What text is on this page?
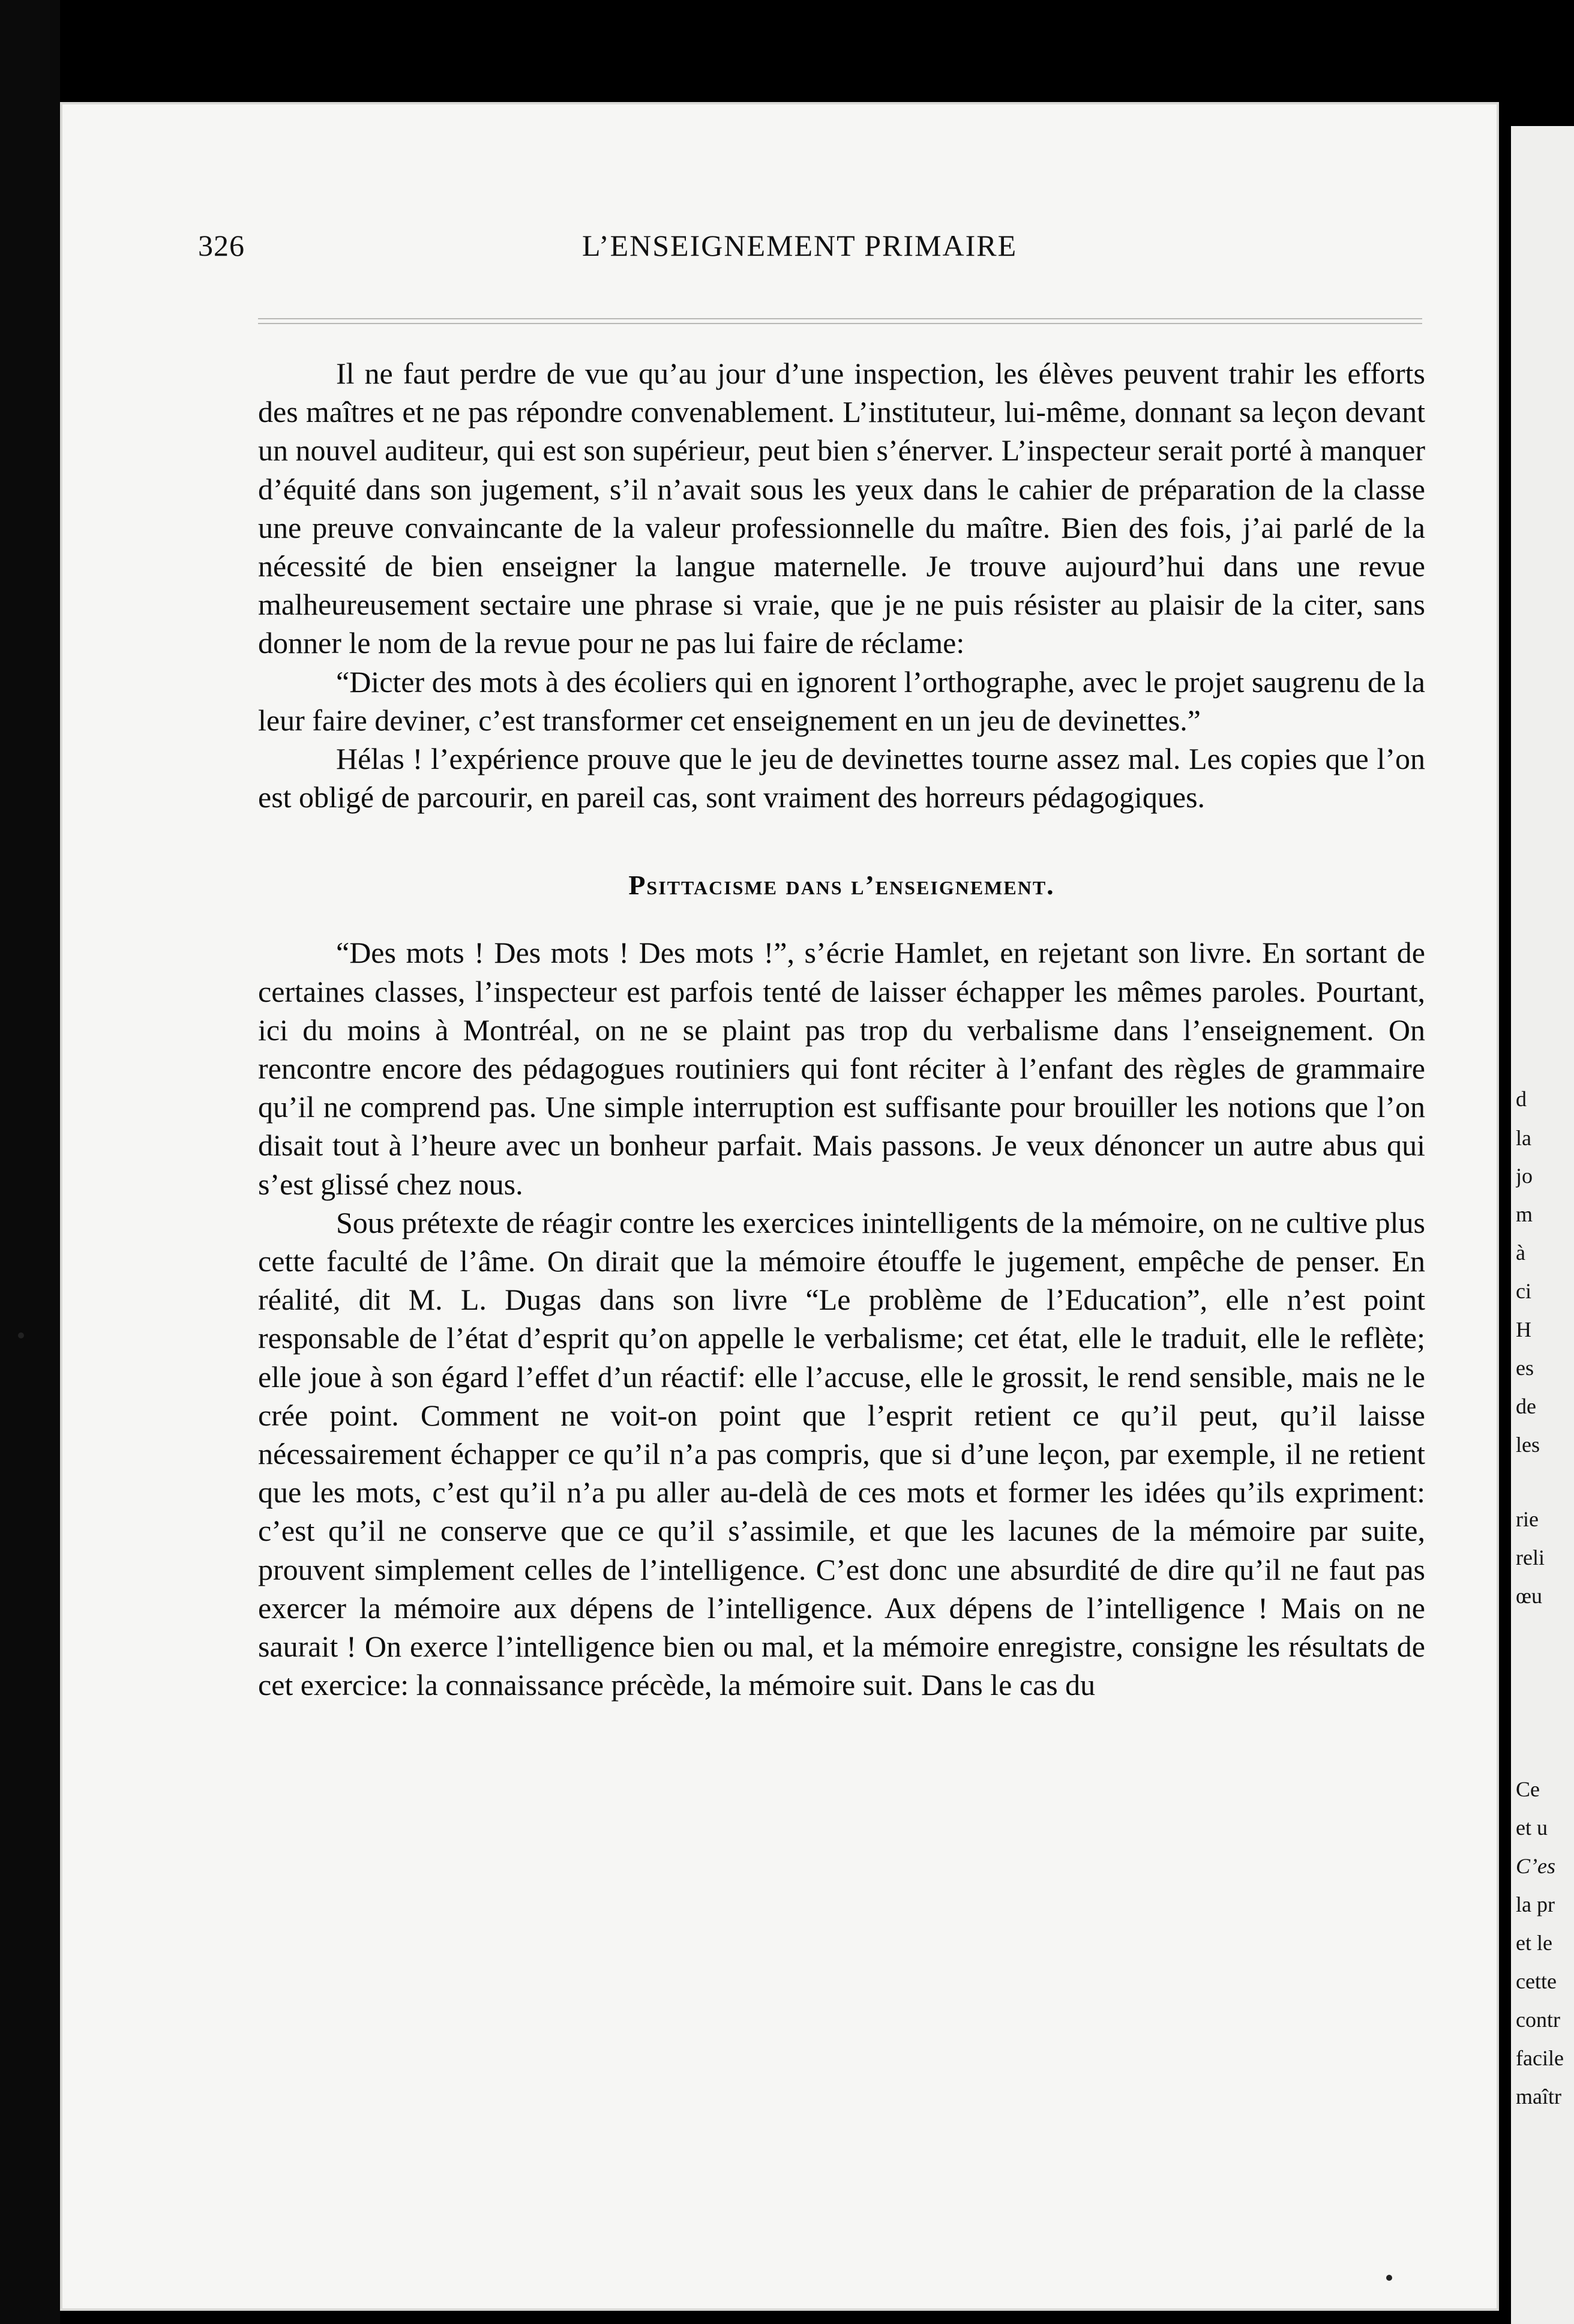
d
la
jo
m
à
ci
H
es
de
les
rie
reli
œu
Ce
et u
C’es
la pr
et le
cette
contr
facile
maîtr
326	L’ENSEIGNEMENT PRIMAIRE

Il ne faut perdre de vue qu’au jour d’une inspection, les élèves peuvent trahir les efforts des maîtres et ne pas répondre convenablement. L’instituteur, lui-même, donnant sa leçon devant un nouvel auditeur, qui est son supérieur, peut bien s’énerver. L’inspecteur serait porté à manquer d’équité dans son jugement, s’il n’avait sous les yeux dans le cahier de préparation de la classe une preuve convaincante de la valeur professionnelle du maître. Bien des fois, j’ai parlé de la nécessité de bien enseigner la langue maternelle. Je trouve aujourd’hui dans une revue malheureusement sectaire une phrase si vraie, que je ne puis résister au plaisir de la citer, sans donner le nom de la revue pour ne pas lui faire de réclame:

“Dicter des mots à des écoliers qui en ignorent l’orthographe, avec le projet saugrenu de la leur faire deviner, c’est transformer cet enseignement en un jeu de devinettes.”

Hélas ! l’expérience prouve que le jeu de devinettes tourne assez mal. Les copies que l’on est obligé de parcourir, en pareil cas, sont vraiment des horreurs pédagogiques.

Psittacisme dans l’enseignement.

“Des mots ! Des mots ! Des mots !”, s’écrie Hamlet, en rejetant son livre. En sortant de certaines classes, l’inspecteur est parfois tenté de laisser échapper les mêmes paroles. Pourtant, ici du moins à Montréal, on ne se plaint pas trop du verbalisme dans l’enseignement. On rencontre encore des pédagogues routiniers qui font réciter à l’enfant des règles de grammaire qu’il ne comprend pas. Une simple interruption est suffisante pour brouiller les notions que l’on disait tout à l’heure avec un bonheur parfait. Mais passons. Je veux dénoncer un autre abus qui s’est glissé chez nous.

Sous prétexte de réagir contre les exercices inintelligents de la mémoire, on ne cultive plus cette faculté de l’âme. On dirait que la mémoire étouffe le jugement, empêche de penser. En réalité, dit M. L. Dugas dans son livre “Le problème de l’Education”, elle n’est point responsable de l’état d’esprit qu’on appelle le verbalisme; cet état, elle le traduit, elle le reflète; elle joue à son égard l’effet d’un réactif: elle l’accuse, elle le grossit, le rend sensible, mais ne le crée point. Comment ne voit-on point que l’esprit retient ce qu’il peut, qu’il laisse nécessairement échapper ce qu’il n’a pas compris, que si d’une leçon, par exemple, il ne retient que les mots, c’est qu’il n’a pu aller au-delà de ces mots et former les idées qu’ils expriment: c’est qu’il ne conserve que ce qu’il s’assimile, et que les lacunes de la mémoire par suite, prouvent simplement celles de l’intelligence. C’est donc une absurdité de dire qu’il ne faut pas exercer la mémoire aux dépens de l’intelligence. Aux dépens de l’intelligence ! Mais on ne saurait ! On exerce l’intelligence bien ou mal, et la mémoire enregistre, consigne les résultats de cet exercice: la connaissance précède, la mémoire suit. Dans le cas du
